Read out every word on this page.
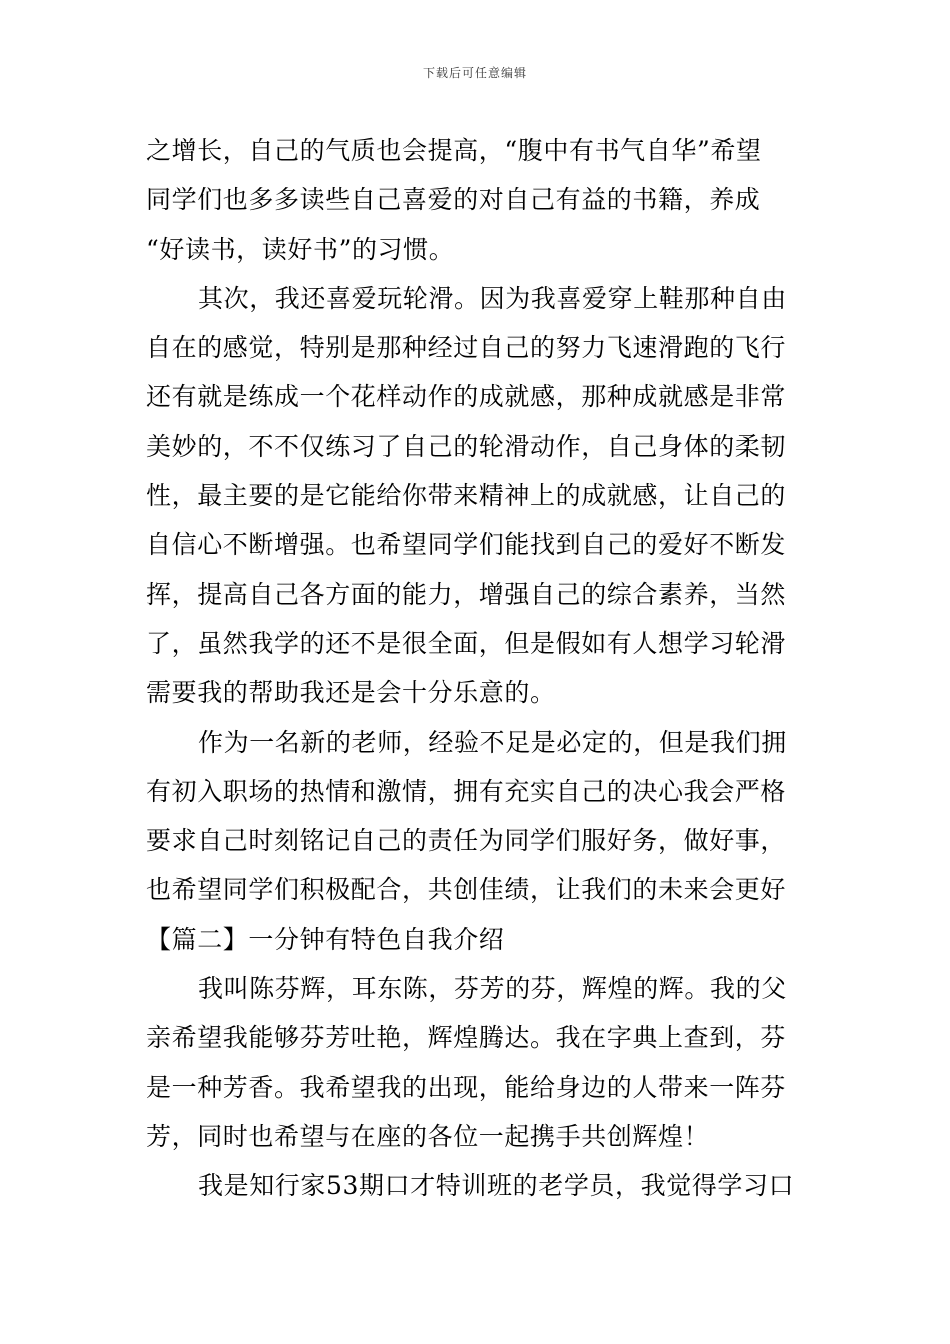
下载后可任意编辑
之增长，自己的气质也会提高，“腹中有书气自华”希望
同学们也多多读些自己喜爱的对自己有益的书籍，养成
“好读书，读好书”的习惯。
其次，我还喜爱玩轮滑。因为我喜爱穿上鞋那种自由
自在的感觉，特别是那种经过自己的努力飞速滑跑的飞行
还有就是练成一个花样动作的成就感，那种成就感是非常
美妙的，不不仅练习了自己的轮滑动作，自己身体的柔韧
性，最主要的是它能给你带来精神上的成就感，让自己的
自信心不断增强。也希望同学们能找到自己的爱好不断发
挥，提高自己各方面的能力，增强自己的综合素养，当然
了，虽然我学的还不是很全面，但是假如有人想学习轮滑
需要我的帮助我还是会十分乐意的。
作为一名新的老师，经验不足是必定的，但是我们拥
有初入职场的热情和激情，拥有充实自己的决心我会严格
要求自己时刻铭记自己的责任为同学们服好务，做好事，
也希望同学们积极配合，共创佳绩，让我们的未来会更好
【篇二】一分钟有特色自我介绍
我叫陈芬辉，耳东陈，芬芳的芬，辉煌的辉。我的父
亲希望我能够芬芳吐艳，辉煌腾达。我在字典上查到，芬
是一种芳香。我希望我的出现，能给身边的人带来一阵芬
芳，同时也希望与在座的各位一起携手共创辉煌！
我是知行家53期口才特训班的老学员，我觉得学习口
